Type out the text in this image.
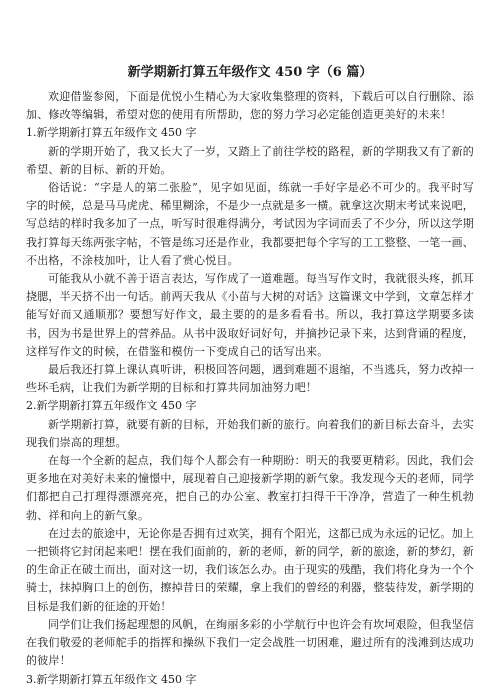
新学期新打算五年级作文 450 字（6 篇）

欢迎借鉴参阅，下面是优悦小生精心为大家收集整理的资料，下载后可以自行删除、添加、修改等编辑，希望对您的使用有所帮助，您的努力学习必定能创造更美好的未来！

1.新学期新打算五年级作文 450 字

新的学期开始了，我又长大了一岁，又踏上了前往学校的路程，新的学期我又有了新的希望、新的目标、新的开始。

俗话说：“字是人的第二张脸”，见字如见面，练就一手好字是必不可少的。我平时写字的时候，总是马马虎虎、稀里糊涂，不是少一点就是多一横。就拿这次期末考试来说吧，写总结的样时我多加了一点，听写时很难得满分，考试因为字词而丢了不少分，所以这学期我打算每天练两张字帖，不管是练习还是作业，我都要把每个字写的工工整整、一笔一画、不出格，不涂枝加叶，让人看了赏心悦目。

可能我从小就不善于语言表达，写作成了一道难题。每当写作文时，我就很头疼，抓耳挠腮，半天挤不出一句话。前两天我从《小苗与大树的对话》这篇课文中学到，文章怎样才能写好而又通顺那？要想写好作文，最主要的的是多看看书。所以，我打算这学期要多读书，因为书是世界上的营养品。从书中汲取好词好句，并摘抄记录下来，达到背诵的程度，这样写作文的时候，在借鉴和模仿一下变成自己的话写出来。

最后我还打算上课认真听讲，积极回答问题，遇到难题不退缩，不当逃兵，努力改掉一些坏毛病，让我们为新学期的目标和打算共同加油努力吧！

2.新学期新打算五年级作文 450 字

新学期新打算，就要有新的目标，开始我们新的旅行。向着我们的新目标去奋斗，去实现我们崇高的理想。

在每一个全新的起点，我们每个人都会有一种期盼：明天的我要更精彩。因此，我们会更多地在对美好未来的憧憬中，展现着自己迎接新学期的新气象。我发现今天的老师，同学们都把自己打理得漂漂亮亮，把自己的办公室、教室打扫得干干净净，营造了一种生机勃勃、祥和向上的新气象。

在过去的旅途中，无论你是否拥有过欢笑，拥有个阳光，这都已成为永远的记忆。加上一把锁将它封闭起来吧！摆在我们面前的，新的老师，新的同学，新的旅途，新的梦幻，新的生命正在破土而出，面对这一切，我们该怎么办。由于现实的残酷，我们将化身为一个个骑士，抹掉胸口上的创伤，擦掉昔日的荣耀，拿上我们的曾经的利器，整装待发，新学期的目标是我们新的征途的开始！

同学们让我们扬起理想的风帆，在绚丽多彩的小学航行中也许会有坎坷艰险，但我坚信在我们敬爱的老师舵手的指挥和操纵下我们一定会战胜一切困难，避过所有的浅滩到达成功的彼岸！

3.新学期新打算五年级作文 450 字
